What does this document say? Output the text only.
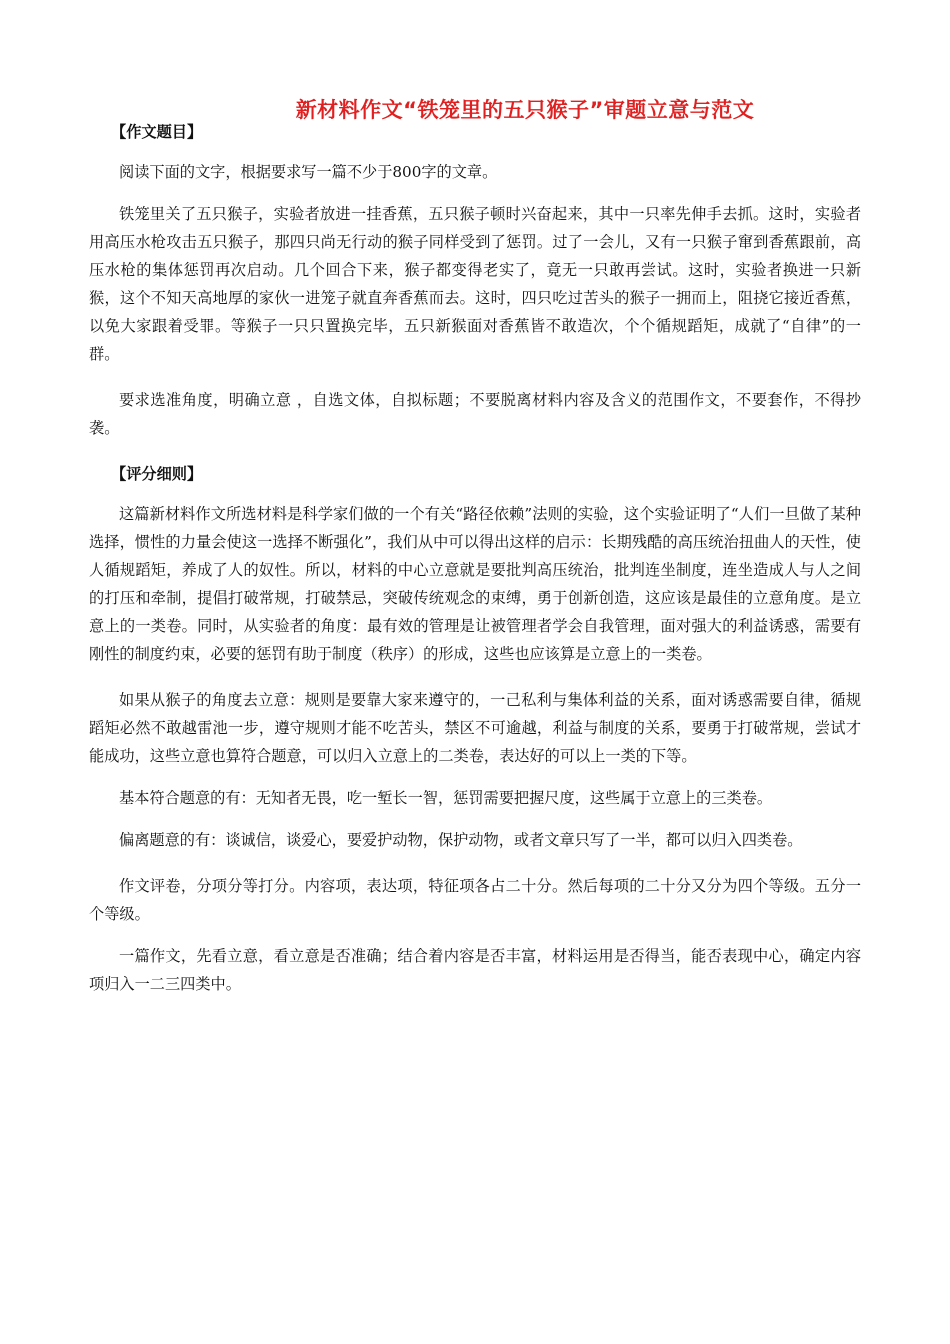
新材料作文“铁笼里的五只猴子”审题立意与范文
【作文题目】

阅读下面的文字，根据要求写一篇不少于800字的文章。

铁笼里关了五只猴子，实验者放进一挂香蕉，五只猴子顿时兴奋起来，其中一只率先伸手去抓。这时，实验者用高压水枪攻击五只猴子，那四只尚无行动的猴子同样受到了惩罚。过了一会儿，又有一只猴子窜到香蕉跟前，高压水枪的集体惩罚再次启动。几个回合下来，猴子都变得老实了，竟无一只敢再尝试。这时，实验者换进一只新猴，这个不知天高地厚的家伙一进笼子就直奔香蕉而去。这时，四只吃过苦头的猴子一拥而上，阻挠它接近香蕉，以免大家跟着受罪。等猴子一只只置换完毕，五只新猴面对香蕉皆不敢造次，个个循规蹈矩，成就了“自律”的一群。

要求选准角度，明确立意 ，自选文体，自拟标题；不要脱离材料内容及含义的范围作文，不要套作，不得抄袭。

【评分细则】

这篇新材料作文所选材料是科学家们做的一个有关“路径依赖”法则的实验，这个实验证明了“人们一旦做了某种选择，惯性的力量会使这一选择不断强化”，我们从中可以得出这样的启示：长期残酷的高压统治扭曲人的天性，使人循规蹈矩，养成了人的奴性。所以，材料的中心立意就是要批判高压统治，批判连坐制度，连坐造成人与人之间的打压和牵制，提倡打破常规，打破禁忌，突破传统观念的束缚，勇于创新创造，这应该是最佳的立意角度。是立意上的一类卷。同时，从实验者的角度：最有效的管理是让被管理者学会自我管理，面对强大的利益诱惑，需要有刚性的制度约束，必要的惩罚有助于制度（秩序）的形成，这些也应该算是立意上的一类卷。

如果从猴子的角度去立意：规则是要靠大家来遵守的，一己私利与集体利益的关系，面对诱惑需要自律，循规蹈矩必然不敢越雷池一步，遵守规则才能不吃苦头，禁区不可逾越，利益与制度的关系，要勇于打破常规，尝试才能成功，这些立意也算符合题意，可以归入立意上的二类卷，表达好的可以上一类的下等。

基本符合题意的有：无知者无畏，吃一堑长一智，惩罚需要把握尺度，这些属于立意上的三类卷。

偏离题意的有：谈诚信，谈爱心，要爱护动物，保护动物，或者文章只写了一半，都可以归入四类卷。

作文评卷，分项分等打分。内容项，表达项，特征项各占二十分。然后每项的二十分又分为四个等级。五分一个等级。

一篇作文，先看立意，看立意是否准确；结合着内容是否丰富，材料运用是否得当，能否表现中心，确定内容项归入一二三四类中。
